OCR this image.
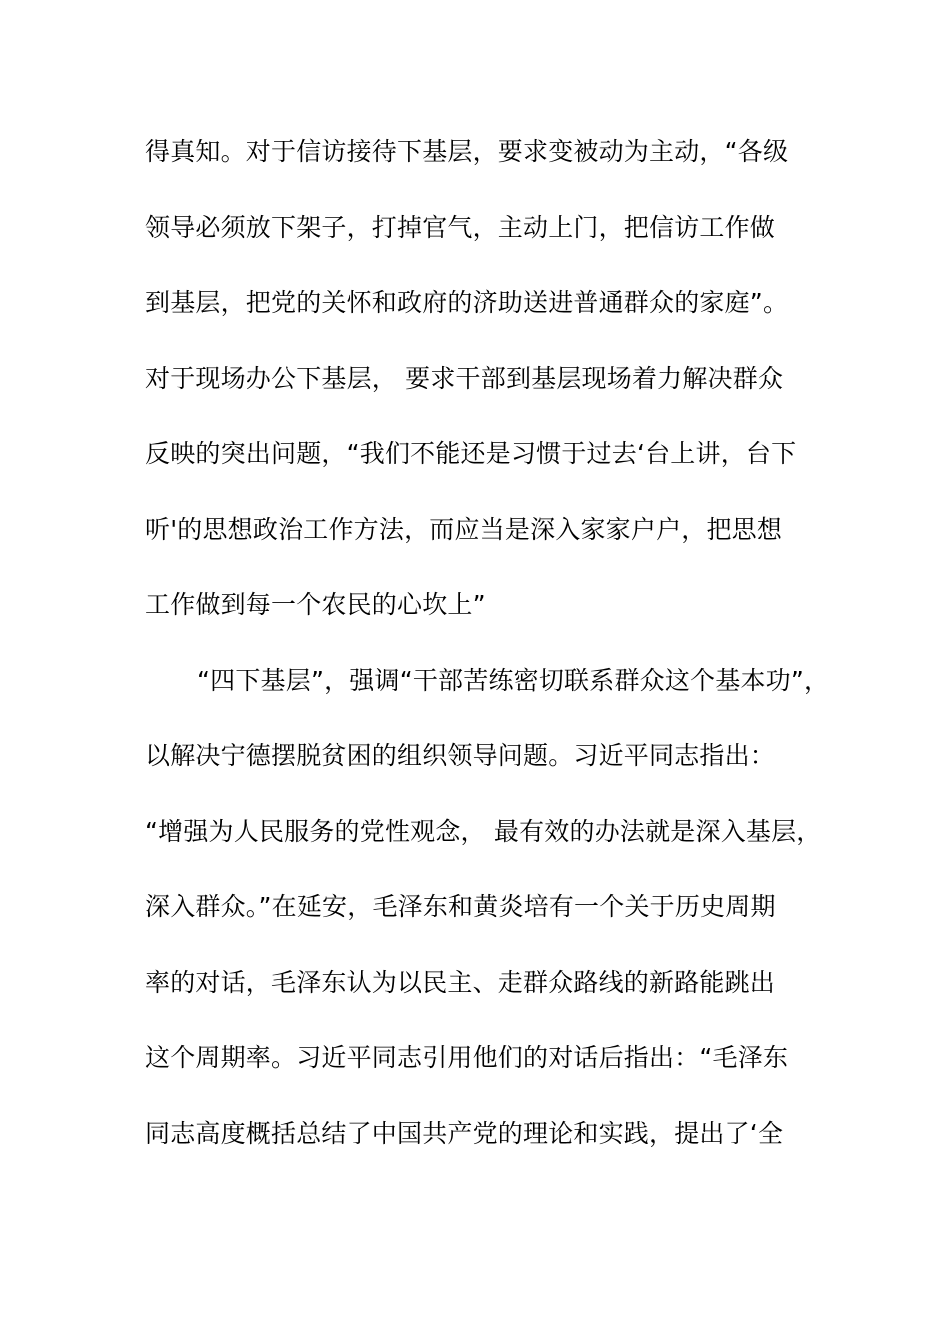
得真知。对于信访接待下基层，要求变被动为主动，“各级
领导必须放下架子，打掉官气，主动上门，把信访工作做
到基层，把党的关怀和政府的济助送进普通群众的家庭”。
对于现场办公下基层， 要求干部到基层现场着力解决群众
反映的突出问题，“我们不能还是习惯于过去‘台上讲，台下
听'的思想政治工作方法，而应当是深入家家户户，把思想
工作做到每一个农民的心坎上”
“四下基层”，强调“干部苦练密切联系群众这个基本功”，
以解决宁德摆脱贫困的组织领导问题。习近平同志指出：
“增强为人民服务的党性观念， 最有效的办法就是深入基层，
深入群众。”在延安，毛泽东和黄炎培有一个关于历史周期
率的对话，毛泽东认为以民主、走群众路线的新路能跳出
这个周期率。习近平同志引用他们的对话后指出：“毛泽东
同志高度概括总结了中国共产党的理论和实践，提出了‘全
